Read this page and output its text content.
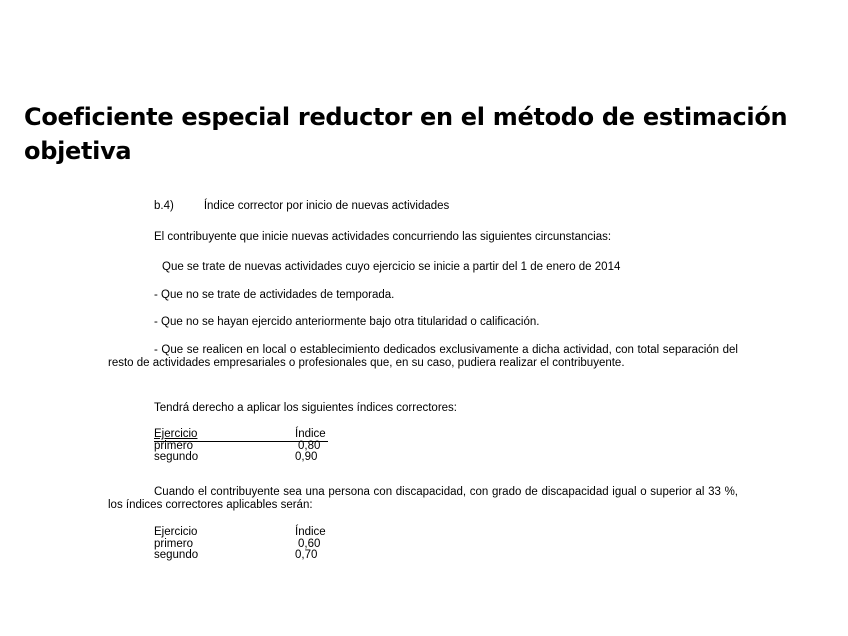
Coeficiente especial reductor en el método de estimación objetiva
b.4)	Índice corrector por inicio de nuevas actividades
El contribuyente que inicie nuevas actividades concurriendo las siguientes circunstancias:
Que se trate de nuevas actividades cuyo ejercicio se inicie a partir del 1 de enero de 2014
- Que no se trate de actividades de temporada.
- Que no se hayan ejercido anteriormente bajo otra titularidad o calificación.
- Que se realicen en local o establecimiento dedicados exclusivamente a dicha actividad, con total separación del resto de actividades empresariales o profesionales que, en su caso, pudiera realizar el contribuyente.
Tendrá derecho a aplicar los siguientes índices correctores:
Ejercicio	Índice
primero	0,80
segundo	0,90
Cuando el contribuyente sea una persona con discapacidad, con grado de discapacidad igual o superior al 33 %, los índices correctores aplicables serán:
Ejercicio	Índice
primero	0,60
segundo	0,70
